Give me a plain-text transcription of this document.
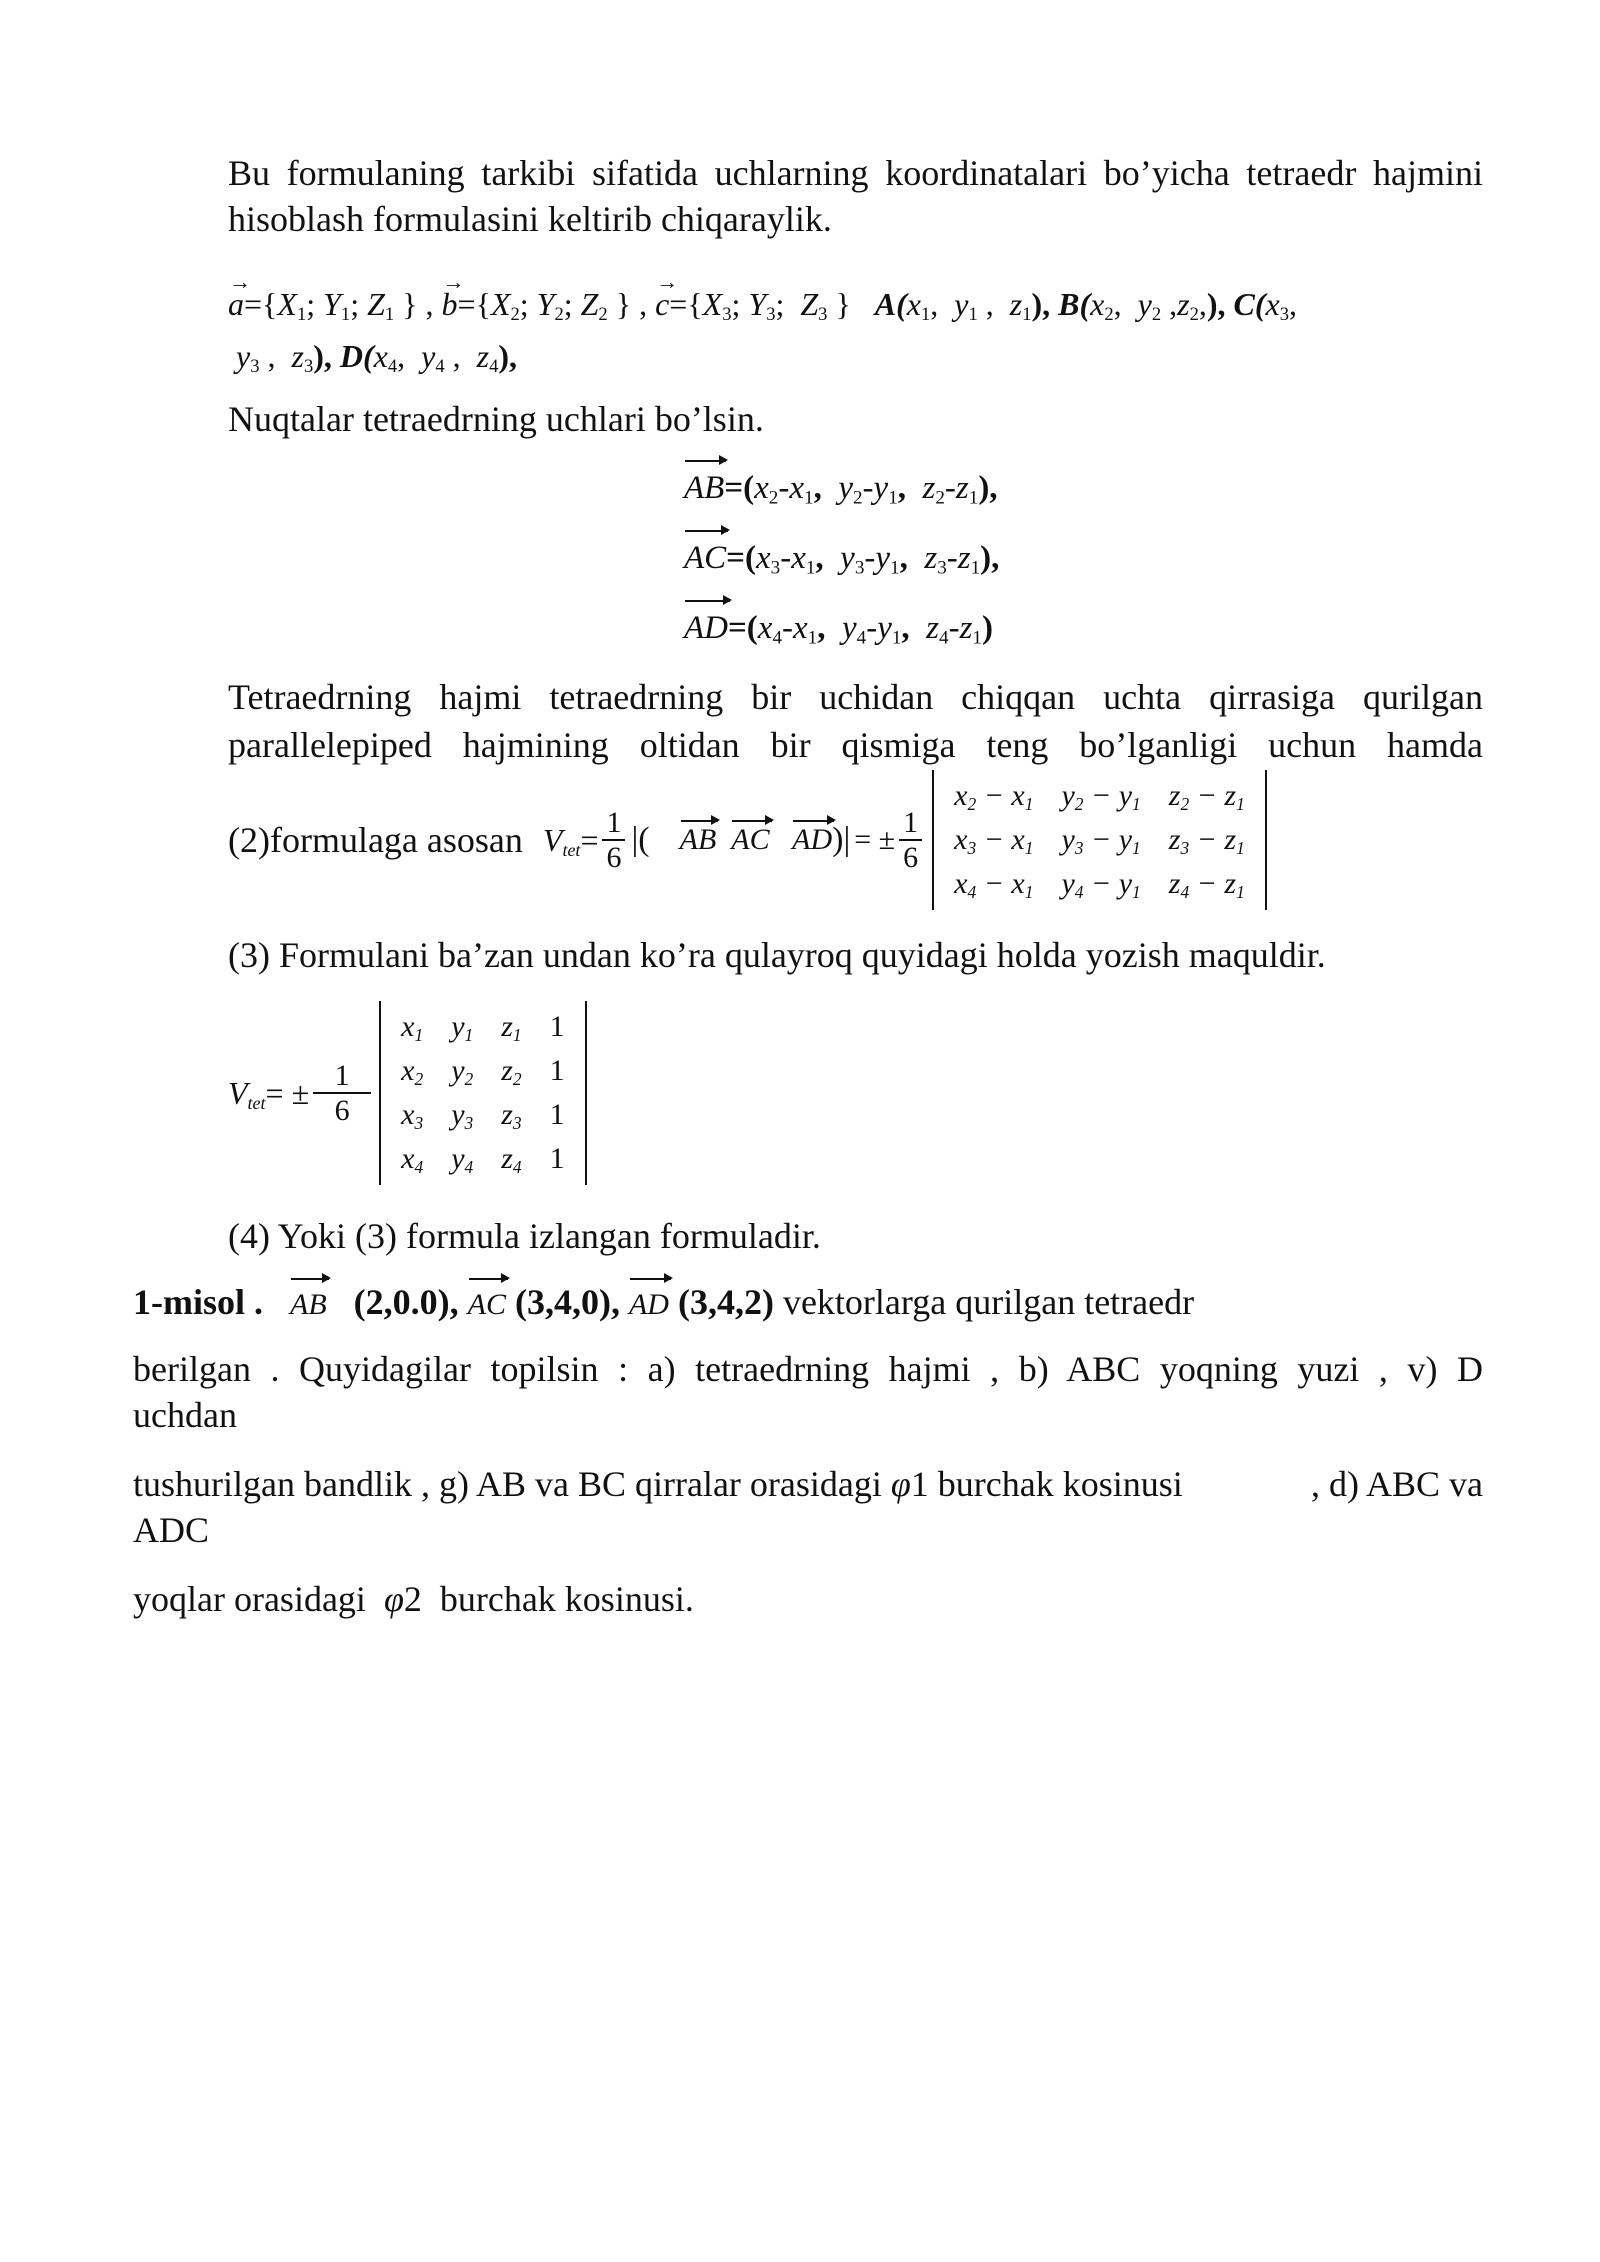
Bu formulaning tarkibi sifatida uchlarning koordinatalari bo’yicha tetraedr hajmini
hisoblash formulasini keltirib chiqaraylik.
$a \to=\{X_1$; $Y_1$; $Z_1$ } , $b \to=\{X_2$; $Y_2$; $Z_2$ } , $c \to=\{X_3$; $Y_3$;  $Z_3$ }   $A(x_1$,  $y_1$ ,  $z_1$), $B(x_2$,  $y_2$ $,z_2$,), $C(x_3$,
$y_3$ ,  $z_3$), $D(x_4$,  $y_4$ ,  $z_4$),
Nuqtalar tetraedrning uchlari bo’lsin.
$AB=(x_2-x_1$, $y_2-y_1$, $z_2-z_1$),
$AC=(x_3-x_1$, $y_3-y_1$, $z_3-z_1$),
$AD=(x_4-x_1$, $y_4-y_1$, $z_4-z_1$)
Tetraedrning hajmi tetraedrning bir uchidan chiqqan uchta qirrasiga qurilgan
parallelepiped hajmining oltidan bir qismiga teng bo’lganligi uchun hamda
(2)formulaga asosan $V_{tet}= \frac{1}{6}$ |( AB AC AD )| = ± $\frac{1}{6}$
$x_2 - x_1$	$y_2 - y_1$	$z_2 - z_1$
$x_3 - x_1$	$y_3 - y_1$	$z_3 - z_1$
$x_4 - x_1$	$y_4 - y_1$	$z_4 - z_1$
(3) Formulani ba’zan undan ko’ra qulayroq quyidagi holda yozish maquldir.
$V_{tet}= \pm \frac{1}{6}$
$x_1$	$y_1$	$z_1$	1
$x_2$	$y_2$	$z_2$	1
$x_3$	$y_3$	$z_3$	1
$x_4$	$y_4$	$z_4$	1
(4) Yoki (3) formula izlangan formuladir.
1-misol . AB (2,0.0), AC (3,4,0), AD (3,4,2) vektorlarga qurilgan tetraedr
berilgan . Quyidagilar topilsin : a) tetraedrning hajmi , b) ABC yoqning yuzi , v) D
uchdan
tushurilgan bandlik , g) AB va BC qirralar orasidagi φ1 burchak kosinusi	, d) ABC va
ADC
yoqlar orasidagi φ2 burchak kosinusi.
